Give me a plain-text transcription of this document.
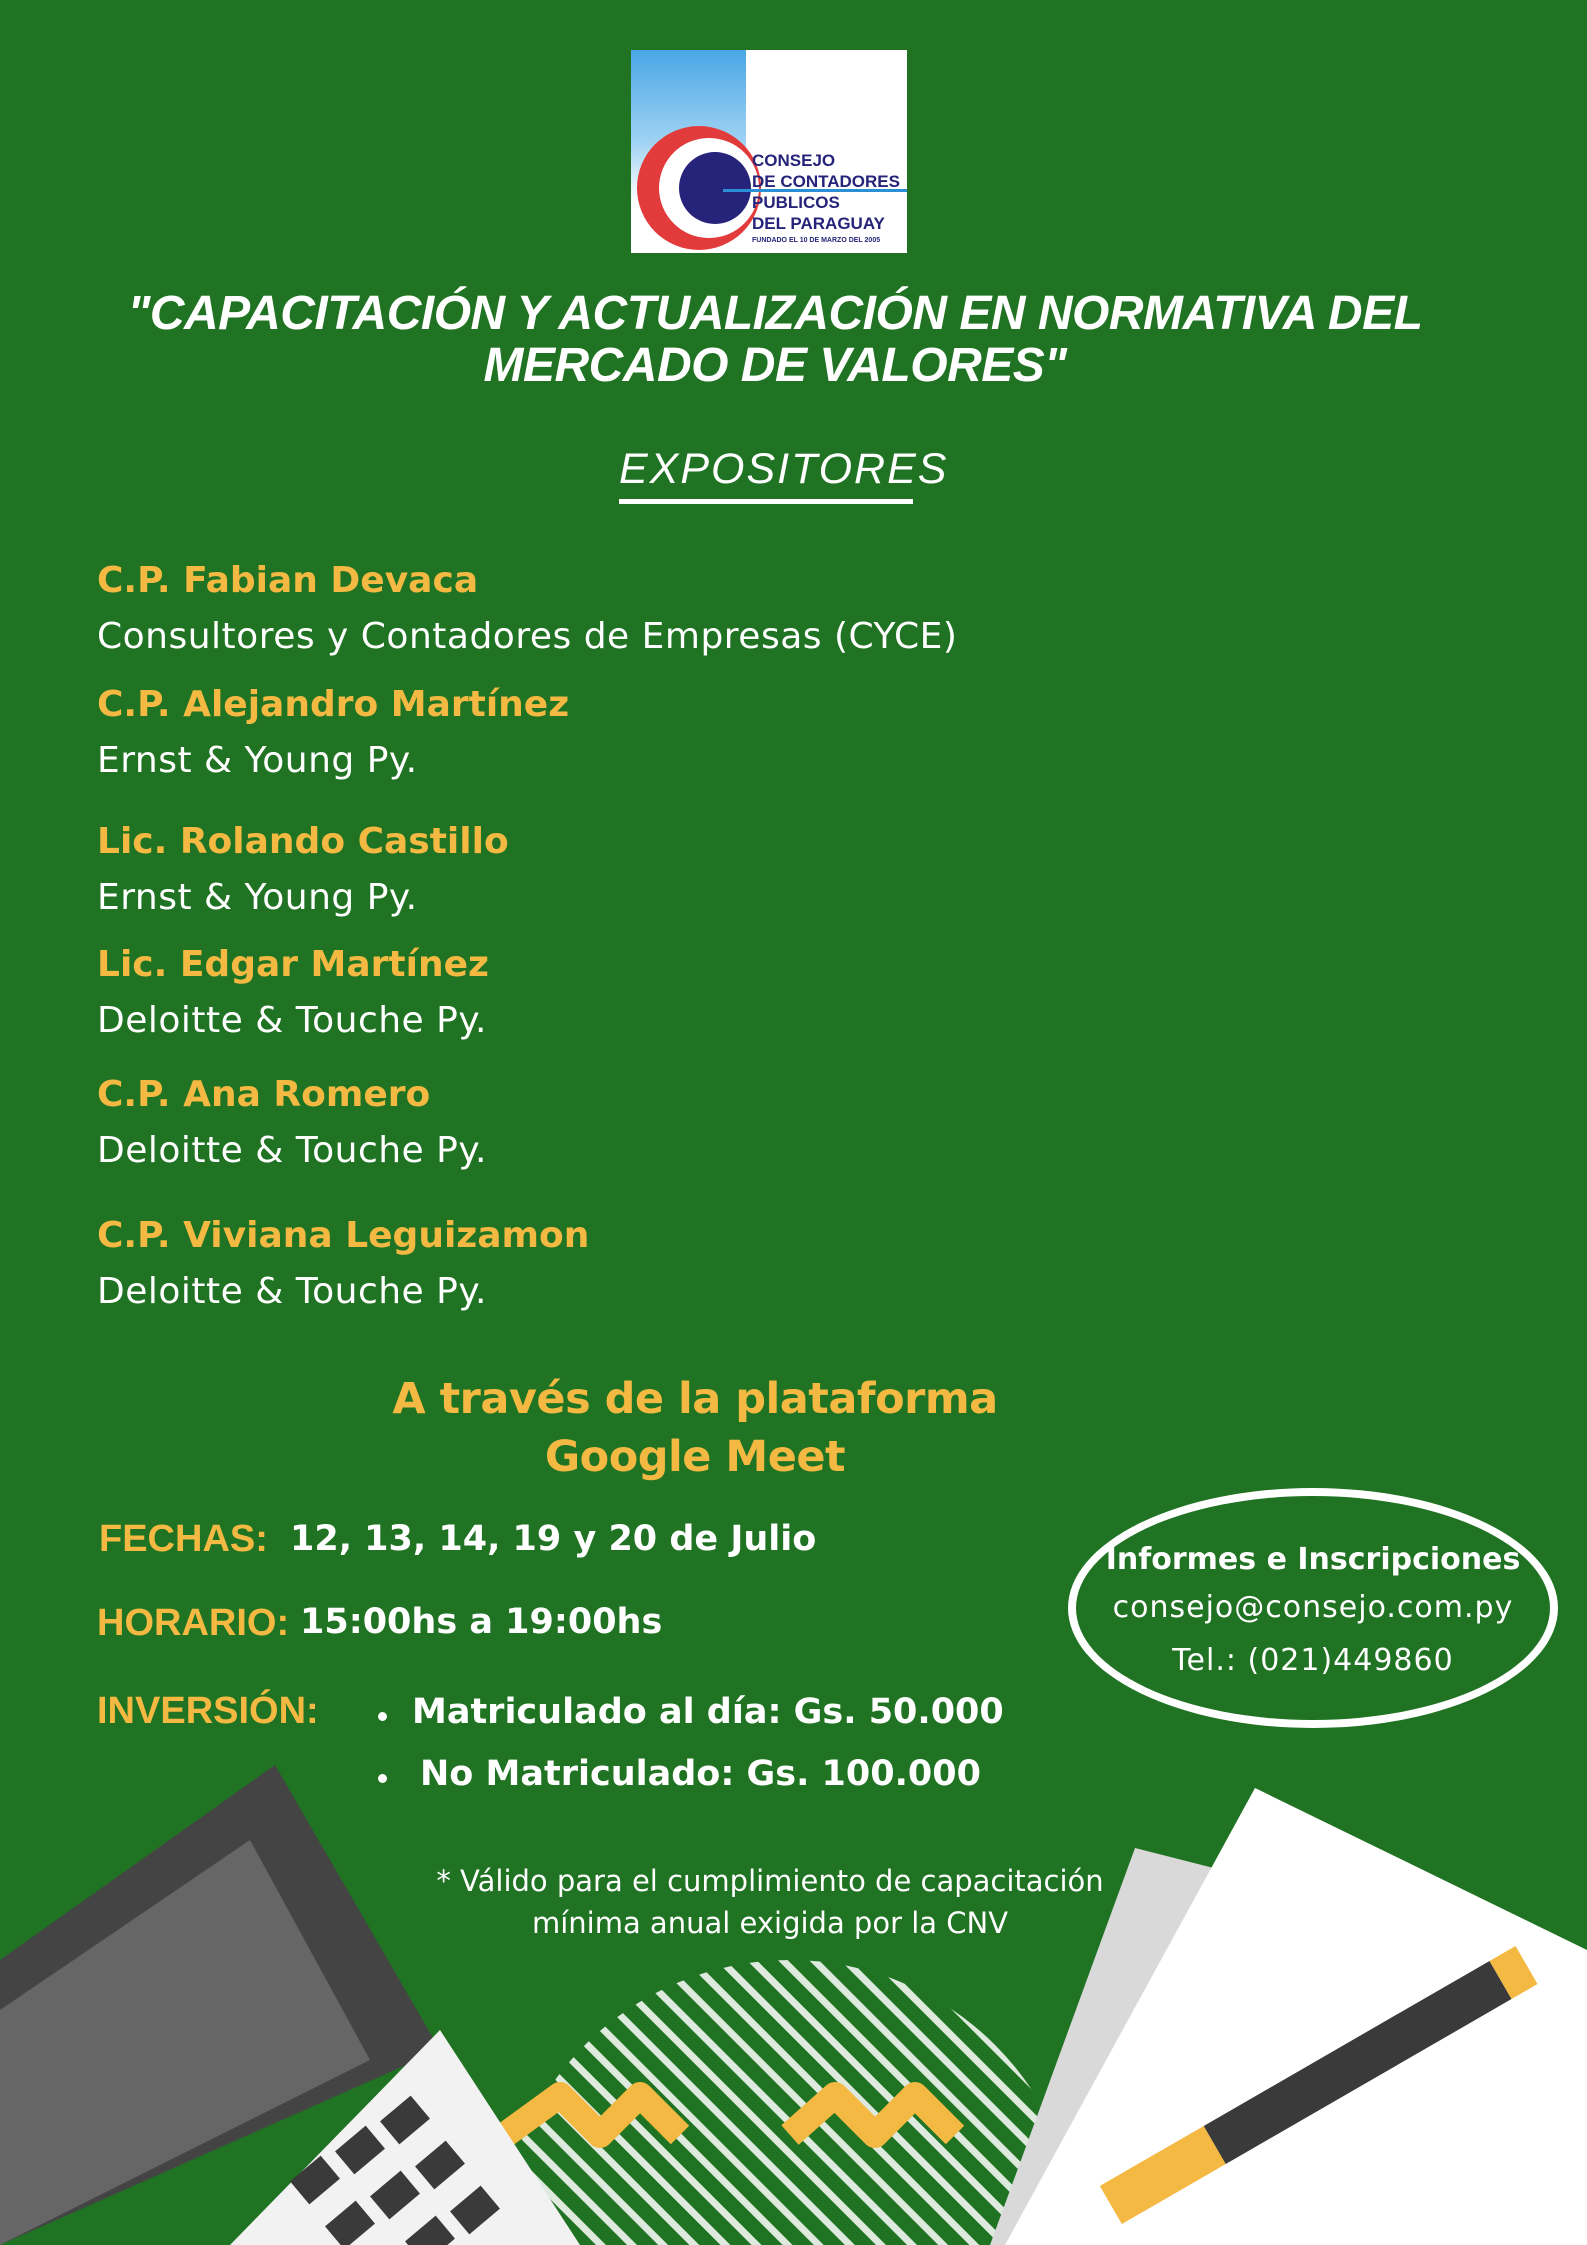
CONSEJO
DE CONTADORES
PUBLICOS
DEL PARAGUAY
FUNDADO EL 10 DE MARZO DEL 2005
"CAPACITACIÓN Y ACTUALIZACIÓN EN NORMATIVA DEL
MERCADO DE VALORES"
EXPOSITORES
C.P. Fabian Devaca
Consultores y Contadores de Empresas (CYCE)
C.P. Alejandro Martínez
Ernst & Young Py.
Lic. Rolando Castillo
Ernst & Young Py.
Lic. Edgar Martínez
Deloitte & Touche Py.
C.P. Ana Romero
Deloitte & Touche Py.
C.P. Viviana Leguizamon
Deloitte & Touche Py.
A través de la plataforma
Google Meet
FECHAS: 12, 13, 14, 19 y 20 de Julio
HORARIO: 15:00hs a 19:00hs
INVERSIÓN:	Matriculado al día: Gs. 50.000
No Matriculado: Gs. 100.000
* Válido para el cumplimiento de capacitación
mínima anual exigida por la CNV
Informes e Inscripciones
consejo@consejo.com.py
Tel.: (021)449860
